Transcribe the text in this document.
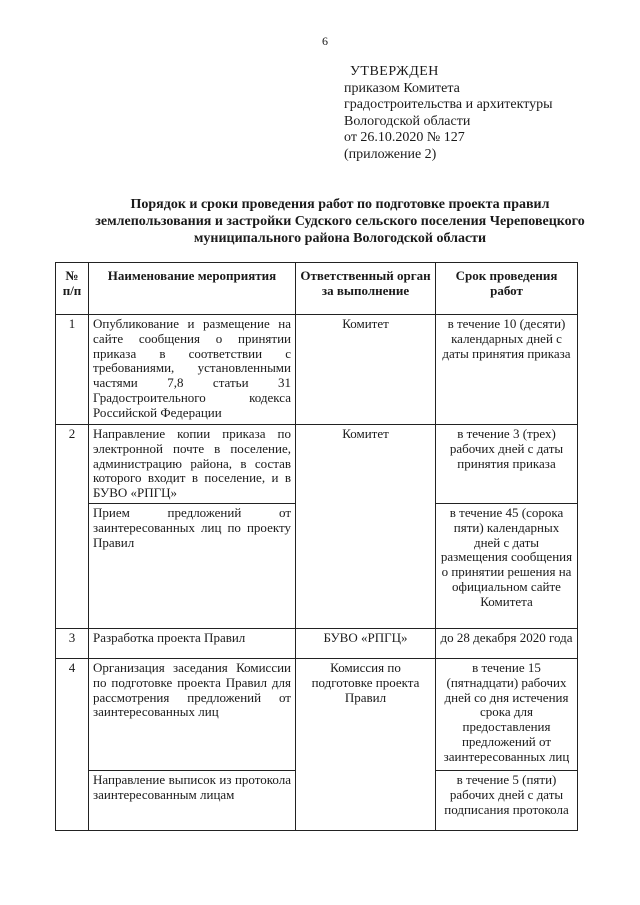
6
УТВЕРЖДЕН
приказом Комитета
градостроительства и архитектуры
Вологодской области
от 26.10.2020 № 127
(приложение 2)
Порядок и сроки проведения работ по подготовке проекта правил
землепользования и застройки Судского сельского поселения Череповецкого
муниципального района Вологодской области
№ п/п	Наименование мероприятия	Ответственный орган за выполнение	Срок проведения работ
1	Опубликование и размещение на сайте сообщения о принятии приказа в соответствии с требованиями, установленными частями 7,8 статьи 31 Градостроительного кодекса Российской Федерации	Комитет	в течение 10 (десяти) календарных дней с даты принятия приказа
2	Направление копии приказа по электронной почте в поселение, администрацию района, в состав которого входит в поселение, и в БУВО «РПГЦ»	Комитет	в течение 3 (трех) рабочих дней с даты принятия приказа
	Прием предложений от заинтересованных лиц по проекту Правил		в течение 45 (сорока пяти) календарных дней с даты размещения сообщения о принятии решения на официальном сайте Комитета
3	Разработка проекта Правил	БУВО «РПГЦ»	до 28 декабря 2020 года
4	Организация заседания Комиссии по подготовке проекта Правил для рассмотрения предложений от заинтересованных лиц	Комиссия по подготовке проекта Правил	в течение 15 (пятнадцати) рабочих дней со дня истечения срока для предоставления предложений от заинтересованных лиц
	Направление выписок из протокола заинтересованным лицам		в течение 5 (пяти) рабочих дней с даты подписания протокола
